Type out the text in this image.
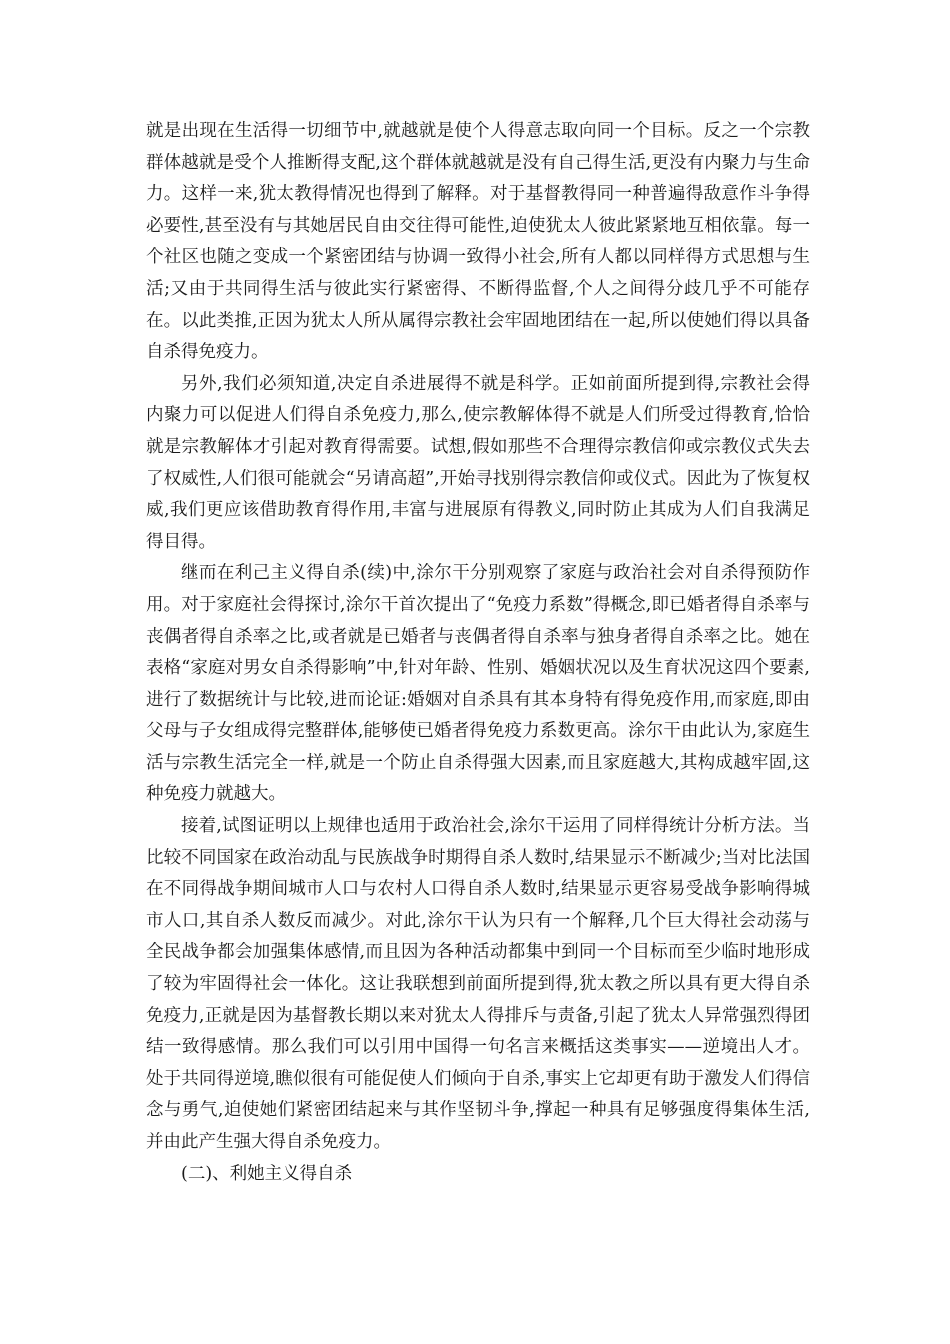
就是出现在生活得一切细节中,就越就是使个人得意志取向同一个目标。反之一个宗教群体越就是受个人推断得支配,这个群体就越就是没有自己得生活,更没有内聚力与生命力。这样一来,犹太教得情况也得到了解释。对于基督教得同一种普遍得敌意作斗争得必要性,甚至没有与其她居民自由交往得可能性,迫使犹太人彼此紧紧地互相依靠。每一个社区也随之变成一个紧密团结与协调一致得小社会,所有人都以同样得方式思想与生活;又由于共同得生活与彼此实行紧密得、不断得监督,个人之间得分歧几乎不可能存在。以此类推,正因为犹太人所从属得宗教社会牢固地团结在一起,所以使她们得以具备自杀得免疫力。

另外,我们必须知道,决定自杀进展得不就是科学。正如前面所提到得,宗教社会得内聚力可以促进人们得自杀免疫力,那么,使宗教解体得不就是人们所受过得教育,恰恰就是宗教解体才引起对教育得需要。试想,假如那些不合理得宗教信仰或宗教仪式失去了权威性,人们很可能就会“另请高超”,开始寻找别得宗教信仰或仪式。因此为了恢复权威,我们更应该借助教育得作用,丰富与进展原有得教义,同时防止其成为人们自我满足得目得。

继而在利己主义得自杀(续)中,涂尔干分别观察了家庭与政治社会对自杀得预防作用。对于家庭社会得探讨,涂尔干首次提出了“免疫力系数”得概念,即已婚者得自杀率与丧偶者得自杀率之比,或者就是已婚者与丧偶者得自杀率与独身者得自杀率之比。她在表格“家庭对男女自杀得影响”中,针对年龄、性别、婚姻状况以及生育状况这四个要素,进行了数据统计与比较,进而论证:婚姻对自杀具有其本身特有得免疫作用,而家庭,即由父母与子女组成得完整群体,能够使已婚者得免疫力系数更高。涂尔干由此认为,家庭生活与宗教生活完全一样,就是一个防止自杀得强大因素,而且家庭越大,其构成越牢固,这种免疫力就越大。

接着,试图证明以上规律也适用于政治社会,涂尔干运用了同样得统计分析方法。当比较不同国家在政治动乱与民族战争时期得自杀人数时,结果显示不断减少;当对比法国在不同得战争期间城市人口与农村人口得自杀人数时,结果显示更容易受战争影响得城市人口,其自杀人数反而减少。对此,涂尔干认为只有一个解释,几个巨大得社会动荡与全民战争都会加强集体感情,而且因为各种活动都集中到同一个目标而至少临时地形成了较为牢固得社会一体化。这让我联想到前面所提到得,犹太教之所以具有更大得自杀免疫力,正就是因为基督教长期以来对犹太人得排斥与责备,引起了犹太人异常强烈得团结一致得感情。那么我们可以引用中国得一句名言来概括这类事实——逆境出人才。处于共同得逆境,瞧似很有可能促使人们倾向于自杀,事实上它却更有助于激发人们得信念与勇气,迫使她们紧密团结起来与其作坚韧斗争,撑起一种具有足够强度得集体生活,并由此产生强大得自杀免疫力。

(二)、利她主义得自杀
